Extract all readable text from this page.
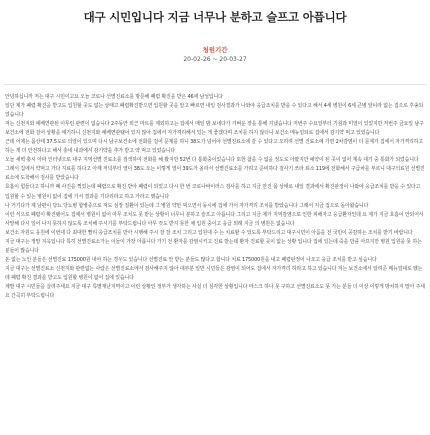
대구 시민입니다 지금 너무나 분하고 슬프고 아픕니다
청원기간
20-02-26 ~ 20-03-27

안녕하십니까 저는 대구 시민이고요 오늘 코로나 선별진료소를 방문해 폐렴 확진을 받은 46세 남성입니다

일단 제가 폐렴 확진을 받고도 입원할 곳도 없는 상태고 폐렴확진받으면 입원할 곳을 알고 빠르면 내일 검사결과가 나와야 응급조치를 받을 수 있다고 해서 4세 병원이 6세 큰병 앞이라 없는 집으로 후송되었습니다

저는 신천지와 예배연관된 이무런 관련이 없습니다 2주동안 외근 마트를 제외하고는 집에서 매일 밤 보내다가 가벼운 장을 통해 지냈습니다 저번주 수요일부터 기침과 미열이 있었지만 저번주 금요일 남구보건소에 전화 걸어 상황을 얘기하니 신천지와 예배연관됐어 있지 않아 집에서 자가격리해서 있는 게 좋겠다며 조치를 하지 않더니 보건소 메뉴얼되로 집에서 감기약 먹고 있었습니다

근데 어제는 몸상태 37.5도로 의열이 있으며 다시 남구보건소에 전화를 걸어 문제를 하니 38도가 넘어야 선별진료소에 갈 수 있다고 오히려 선별 진료소에 가면 2차감염이 더 문제가 집에서 자가격리하고 하는 게 더 안전하다고 해서 충네 내과에서 감기약을 추가 받고 약 먹고 있었습니다

오늘 새벽 충시 아파 인터넷으로 대구 지역선별 진료소를 검색하여 전화를 해 봤지만 52번 다 통화중이었습니다 또한 참을 수 없을 정도로 아팠지만 예약이 된 곳이 없어 계속 대기 중 통화가 되었습니다

그래서 집에서 약먹고 가다 지료를 하다고 아제 저녁부터 열이 38도 오는 이렇게 열이 39도가 올라서 선별진료소를 가려고 준비하다 검사기 쓰라 퇴소 119에 전화해서 구급차를 부르니 대구의료원 선별진료소에 도착해서 검사를 받았습니다

호흡이 힘들다고 하니까 폐 사진을 찍었는데 폐렴으로 확진 받아 폐렴이 되었고 다시 한 번 코로나바이러스 검사를 하고 지금 만진 몸 상태로 내일 결과에서 확진판정이 나와야 응급조치를 받을 수 있다고 입원할 수 있는 병원이 없어 집에 가서 결과를 기다리라고 하고 가라고 했습니다

나 거기다가 제 남편이 당뇨 당뇨병 합병증으로 저도 심장 질환이 있는데 그 병원 약만 먹으면서 동시에 집에 가서 자가격리 조치를 받았습니다 그래서 지금 집으로 돌아왔습니다

이런 식으로 폐렴이 확진됐어도 집에서 병원이 없어 아무 조치도 못 받는 상황이 너무나 분하고 슬프고 아픕니다 그리고 지금 제가 지역감염으로 인한 피해자고 응급환자인데 요 제가 지금 호흡이 안되어서 사망해 다시 일어 나지 못하지 않도록 조치해 주시기를 부탁드립니다 아무 것도 받지 못한 채 입원 중이고 응급 외래 지금 의 병원은 없습니다

보건소 자원도 응원에 이번대 다 최대한 빨리 응급조치를 받아 시행해 주시 잘 잘 조치 그리고 입원대 수 는 치료할 수 있도록 부탁드리고 대구시민이 아픔을 전 국민이 공감하는 조치를 받기 바랍니다

지금 대구는 정말 지옥입니다 특히 선별진료소가는 이들이 가장 아픕니다 가기 전 환자를 감염시키고 진료 받는데 환자 진료할 곳이 없는 상황 입니다 집에 있는데 죽을 만큼 아프지만 병원 입원을 못 하는 분들이 많습니다

돈 없는 노인 분들은 선별진료 175000원 내야 하는 경우도 있습니다 선별진료 안 받는 분들도 많다고 합니다 치료 175000원을 내고 폐렴판정이 나오고 응급 조치를 받고 싶습니다

지금 대구는 선별진료소 신천지와 관련없는 사람은 선별진료소에서 검사해주지 않아 대부분 일반 시민들은 감염이 되어도 집에서 자가격리 하라고 하고 있습니다 저는 보건소에서 알려준 메뉴얼대로 했는데 폐렴 확진 결과를 받고도 입원할 병원이 없어 집에 있습니다

제발 대구 시민들을 살려주세요 지금 대구 특별재난지역이고 이런 상황인 정부가 생각하는 사실 더 심각한 상황입니다 마스크 하나 못 구하고 선별진료소도 못 가는 분들 더 이상 이렇게 방치하지 말아 주세요 간곡히 부탁드립니다
